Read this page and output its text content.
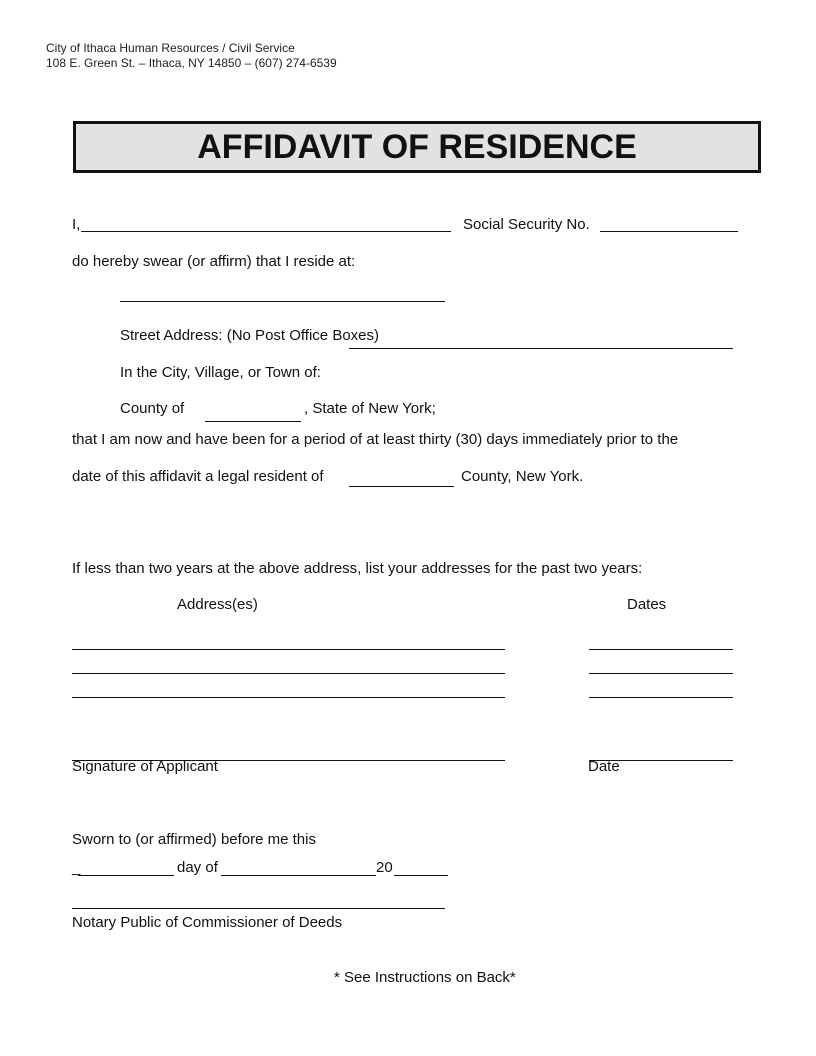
City of Ithaca Human Resources / Civil Service
108 E. Green St. – Ithaca, NY 14850 – (607) 274-6539
AFFIDAVIT OF RESIDENCE
I,	Social Security No.
do hereby swear (or affirm) that I reside at:
Street Address: (No Post Office Boxes)
In the City, Village, or Town of:
County of	, State of New York;
that I am now and have been for a period of at least thirty (30) days immediately prior to the
date of this affidavit a legal resident of	County, New York.
If less than two years at the above address, list your addresses for the past two years:
Address(es)	Dates
Signature of Applicant	Date
Sworn to (or affirmed) before me this
_	day of	20
Notary Public of Commissioner of Deeds
* See Instructions on Back*
